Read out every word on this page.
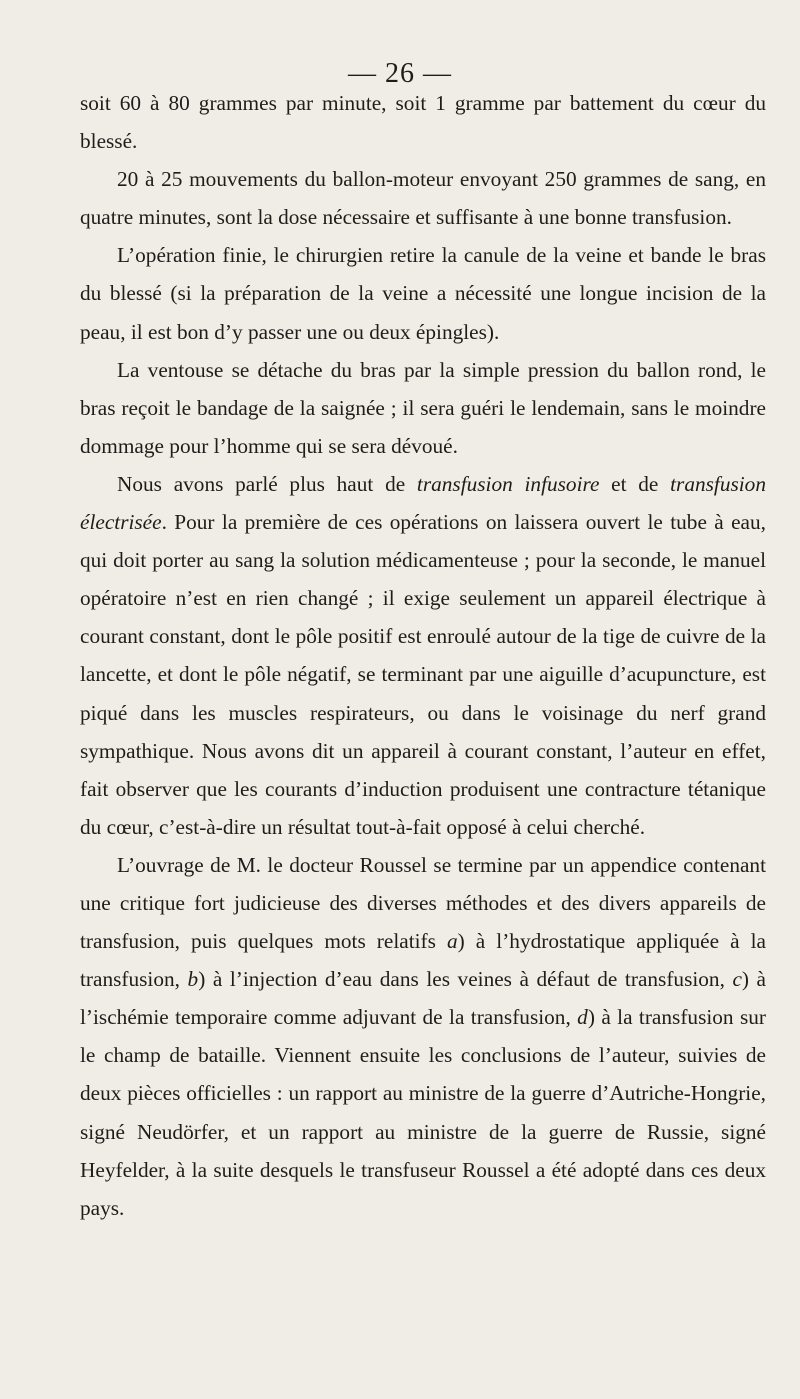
— 26 —

soit 60 à 80 grammes par minute, soit 1 gramme par battement du cœur du blessé.

20 à 25 mouvements du ballon-moteur envoyant 250 grammes de sang, en quatre minutes, sont la dose nécessaire et suffisante à une bonne transfusion.

L’opération finie, le chirurgien retire la canule de la veine et bande le bras du blessé (si la préparation de la veine a nécessité une longue incision de la peau, il est bon d’y passer une ou deux épingles).

La ventouse se détache du bras par la simple pression du ballon rond, le bras reçoit le bandage de la saignée ; il sera guéri le lendemain, sans le moindre dommage pour l’homme qui se sera dévoué.

Nous avons parlé plus haut de transfusion infusoire et de transfusion électrisée. Pour la première de ces opérations on laissera ouvert le tube à eau, qui doit porter au sang la solution médicamenteuse ; pour la seconde, le manuel opératoire n’est en rien changé ; il exige seulement un appareil électrique à courant constant, dont le pôle positif est enroulé autour de la tige de cuivre de la lancette, et dont le pôle négatif, se terminant par une aiguille d’acupuncture, est piqué dans les muscles respirateurs, ou dans le voisinage du nerf grand sympathique. Nous avons dit un appareil à courant constant, l’auteur en effet, fait observer que les courants d’induction produisent une contracture tétanique du cœur, c’est-à-dire un résultat tout-à-fait opposé à celui cherché.

L’ouvrage de M. le docteur Roussel se termine par un appendice contenant une critique fort judicieuse des diverses méthodes et des divers appareils de transfusion, puis quelques mots relatifs a) à l’hydrostatique appliquée à la transfusion, b) à l’injection d’eau dans les veines à défaut de transfusion, c) à l’ischémie temporaire comme adjuvant de la transfusion, d) à la transfusion sur le champ de bataille. Viennent ensuite les conclusions de l’auteur, suivies de deux pièces officielles : un rapport au ministre de la guerre d’Autriche-Hongrie, signé Neudörfer, et un rapport au ministre de la guerre de Russie, signé Heyfelder, à la suite desquels le transfuseur Roussel a été adopté dans ces deux pays.
